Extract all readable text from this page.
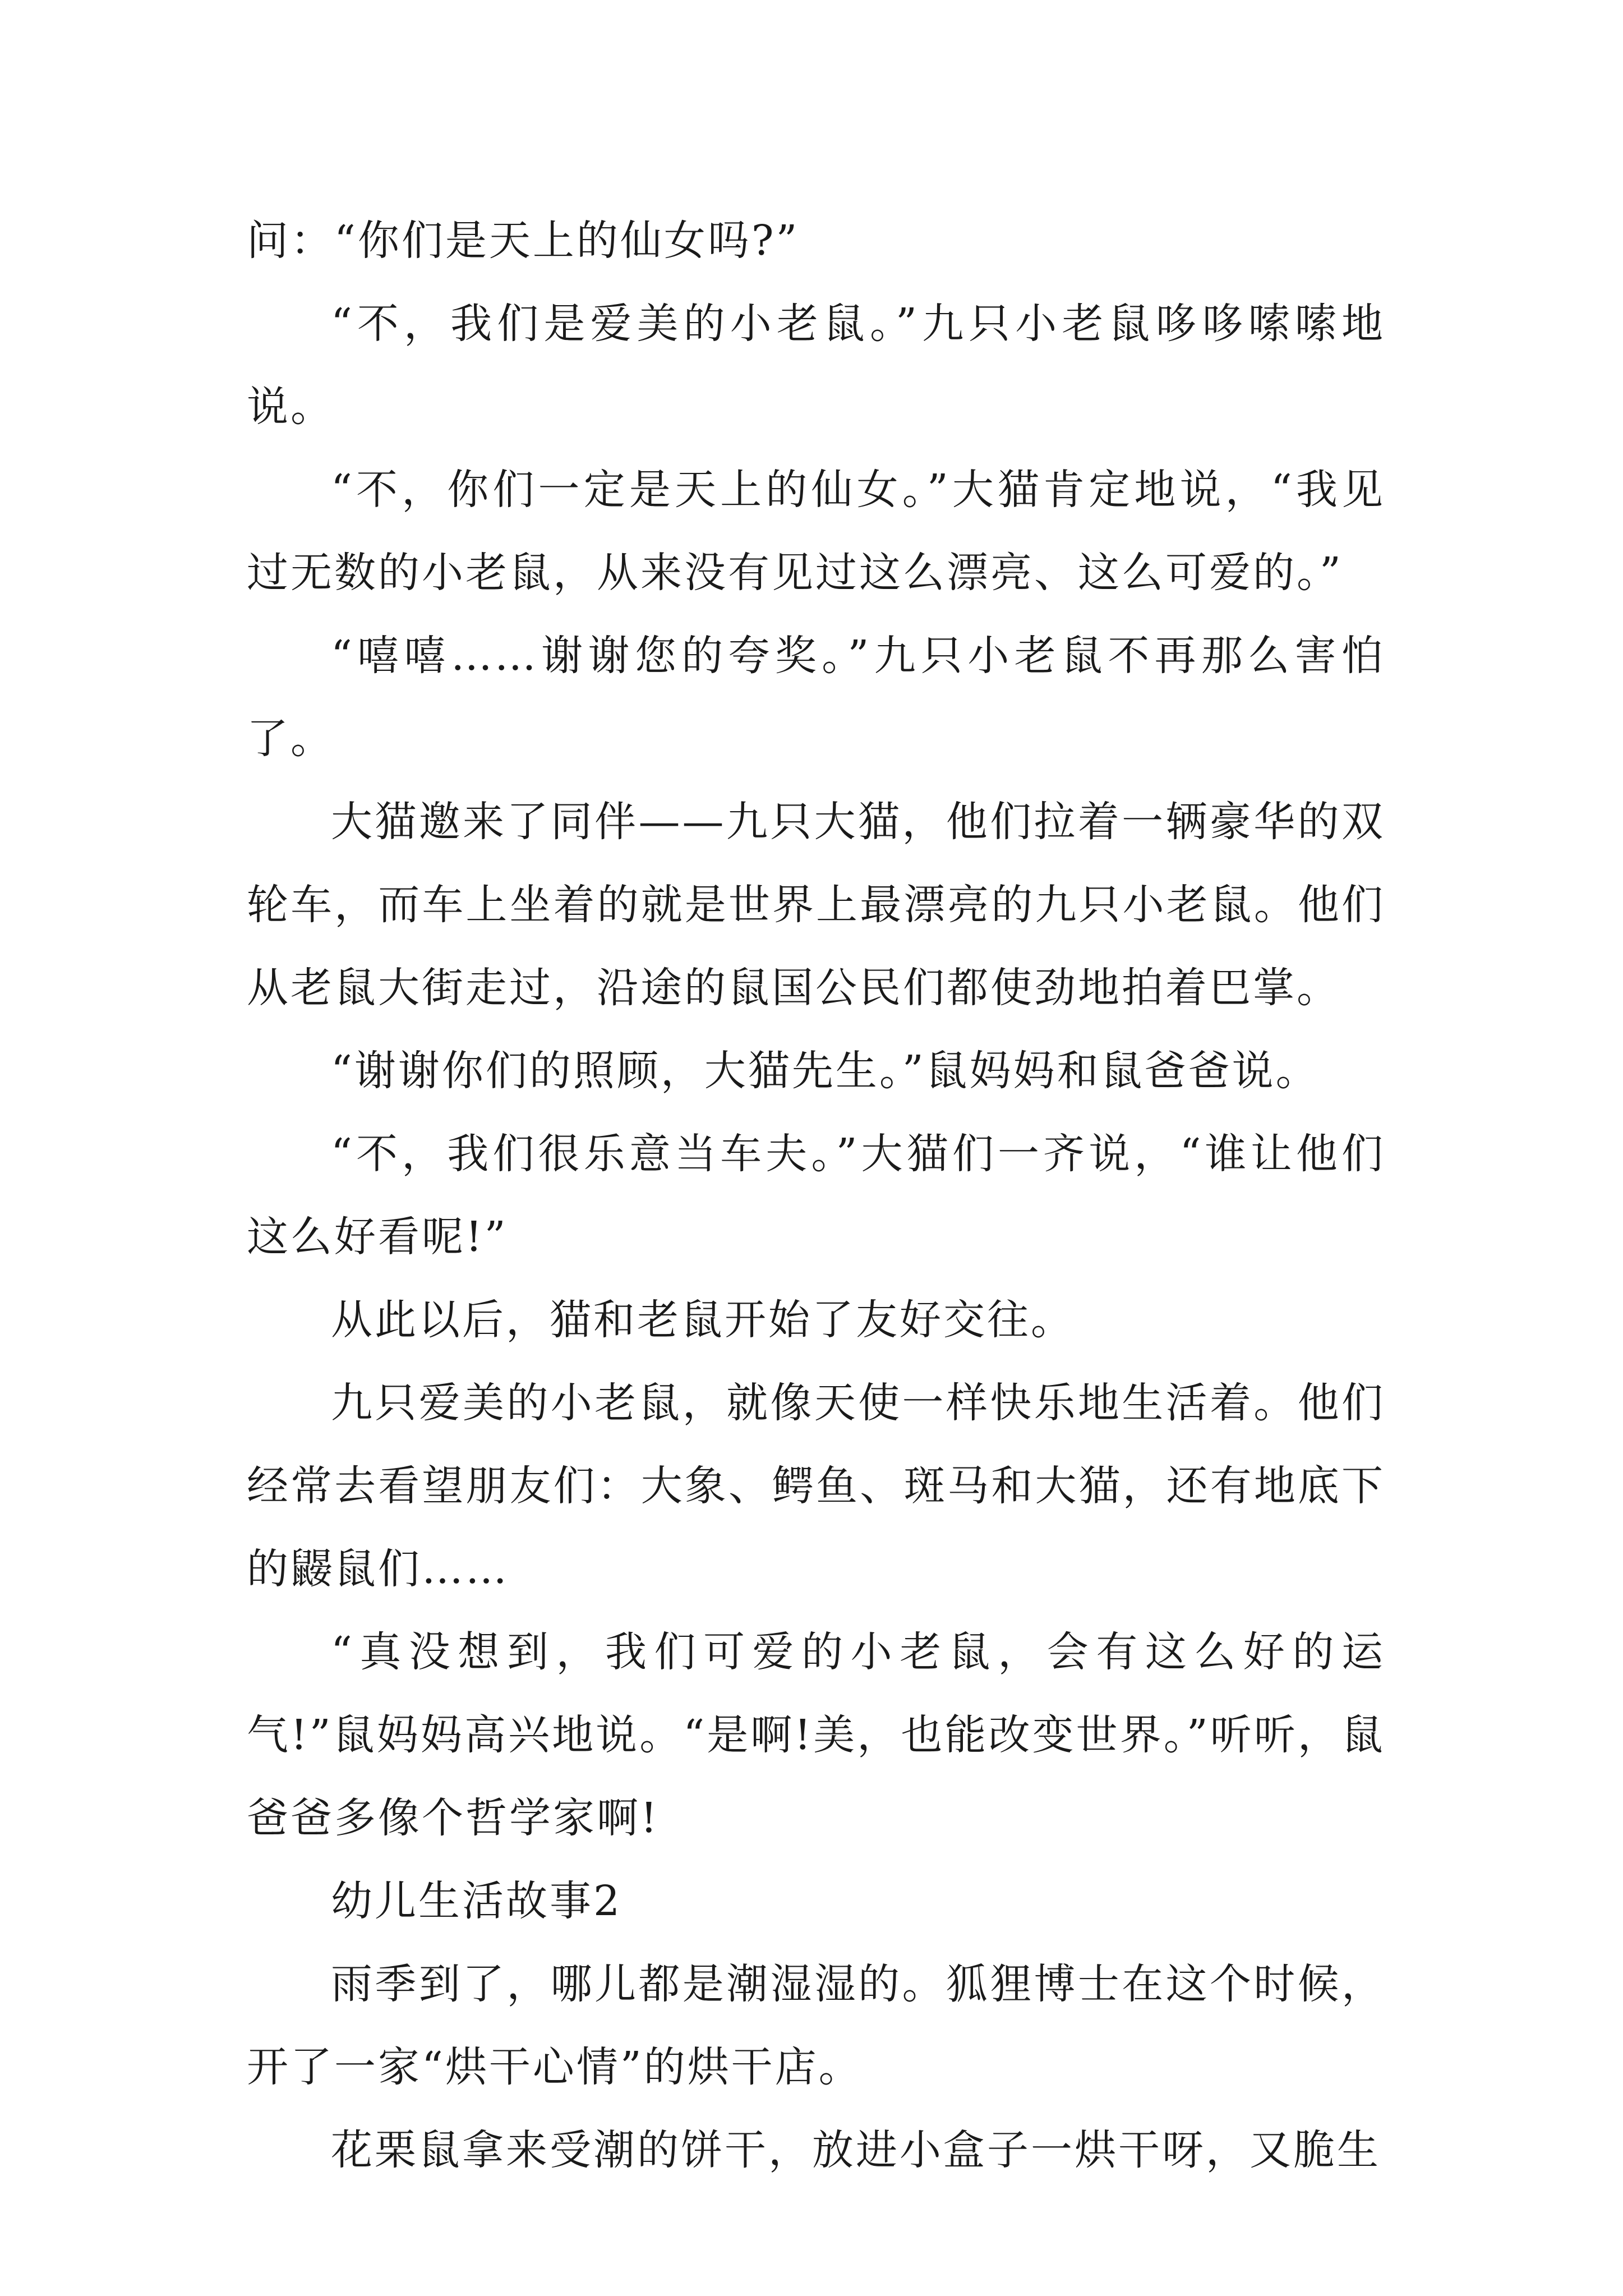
问：“你们是天上的仙女吗?”

“不，我们是爱美的小老鼠。”九只小老鼠哆哆嗦嗦地说。

“不，你们一定是天上的仙女。”大猫肯定地说，“我见过无数的小老鼠，从来没有见过这么漂亮、这么可爱的。”

“嘻嘻……谢谢您的夸奖。”九只小老鼠不再那么害怕了。

大猫邀来了同伴——九只大猫，他们拉着一辆豪华的双轮车，而车上坐着的就是世界上最漂亮的九只小老鼠。他们从老鼠大街走过，沿途的鼠国公民们都使劲地拍着巴掌。

“谢谢你们的照顾，大猫先生。”鼠妈妈和鼠爸爸说。

“不，我们很乐意当车夫。”大猫们一齐说，“谁让他们这么好看呢!”

从此以后，猫和老鼠开始了友好交往。

九只爱美的小老鼠，就像天使一样快乐地生活着。他们经常去看望朋友们：大象、鳄鱼、斑马和大猫，还有地底下的鼹鼠们……

“真没想到，我们可爱的小老鼠，会有这么好的运气!”鼠妈妈高兴地说。“是啊!美，也能改变世界。”听听，鼠爸爸多像个哲学家啊!

幼儿生活故事2

雨季到了，哪儿都是潮湿湿的。狐狸博士在这个时候，开了一家“烘干心情”的烘干店。

花栗鼠拿来受潮的饼干，放进小盒子一烘干呀，又脆生
